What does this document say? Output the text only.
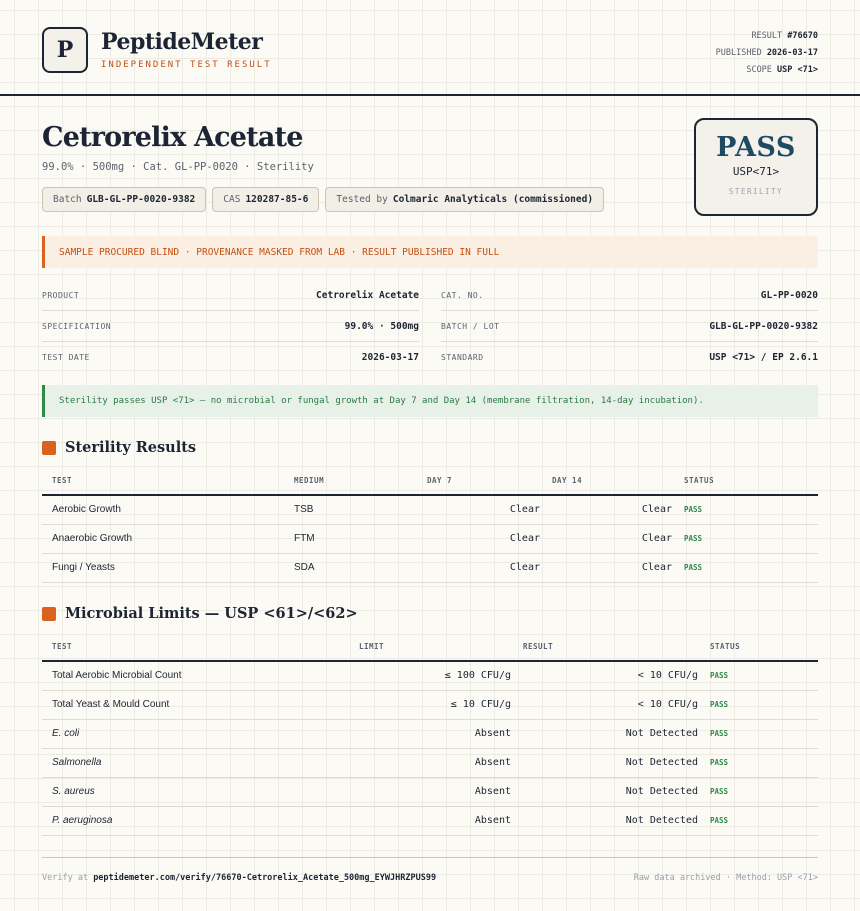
P	PeptideMeter
INDEPENDENT TEST RESULT
RESULT #76670
PUBLISHED 2026-03-17
SCOPE USP <71>
Cetrorelix Acetate
99.0% · 500mg · Cat. GL-PP-0020 · Sterility
Batch GLB-GL-PP-0020-9382	CAS 120287-85-6	Tested by Colmaric Analyticals (commissioned)
PASS
USP<71>
STERILITY
SAMPLE PROCURED BLIND · PROVENANCE MASKED FROM LAB · RESULT PUBLISHED IN FULL
PRODUCT	Cetrorelix Acetate	CAT. NO.	GL-PP-0020
SPECIFICATION	99.0% · 500mg	BATCH / LOT	GLB-GL-PP-0020-9382
TEST DATE	2026-03-17	STANDARD	USP <71> / EP 2.6.1
Sterility passes USP <71> — no microbial or fungal growth at Day 7 and Day 14 (membrane filtration, 14-day incubation).
Sterility Results
TEST	MEDIUM	DAY 7	DAY 14	STATUS
Aerobic Growth	TSB	Clear	Clear	PASS
Anaerobic Growth	FTM	Clear	Clear	PASS
Fungi / Yeasts	SDA	Clear	Clear	PASS
Microbial Limits — USP <61>/<62>
TEST	LIMIT	RESULT	STATUS
Total Aerobic Microbial Count	≤ 100 CFU/g	< 10 CFU/g	PASS
Total Yeast & Mould Count	≤ 10 CFU/g	< 10 CFU/g	PASS
E. coli	Absent	Not Detected	PASS
Salmonella	Absent	Not Detected	PASS
S. aureus	Absent	Not Detected	PASS
P. aeruginosa	Absent	Not Detected	PASS
Verify at peptidemeter.com/verify/76670-Cetrorelix_Acetate_500mg_EYWJHRZPUS99	Raw data archived · Method: USP <71>
